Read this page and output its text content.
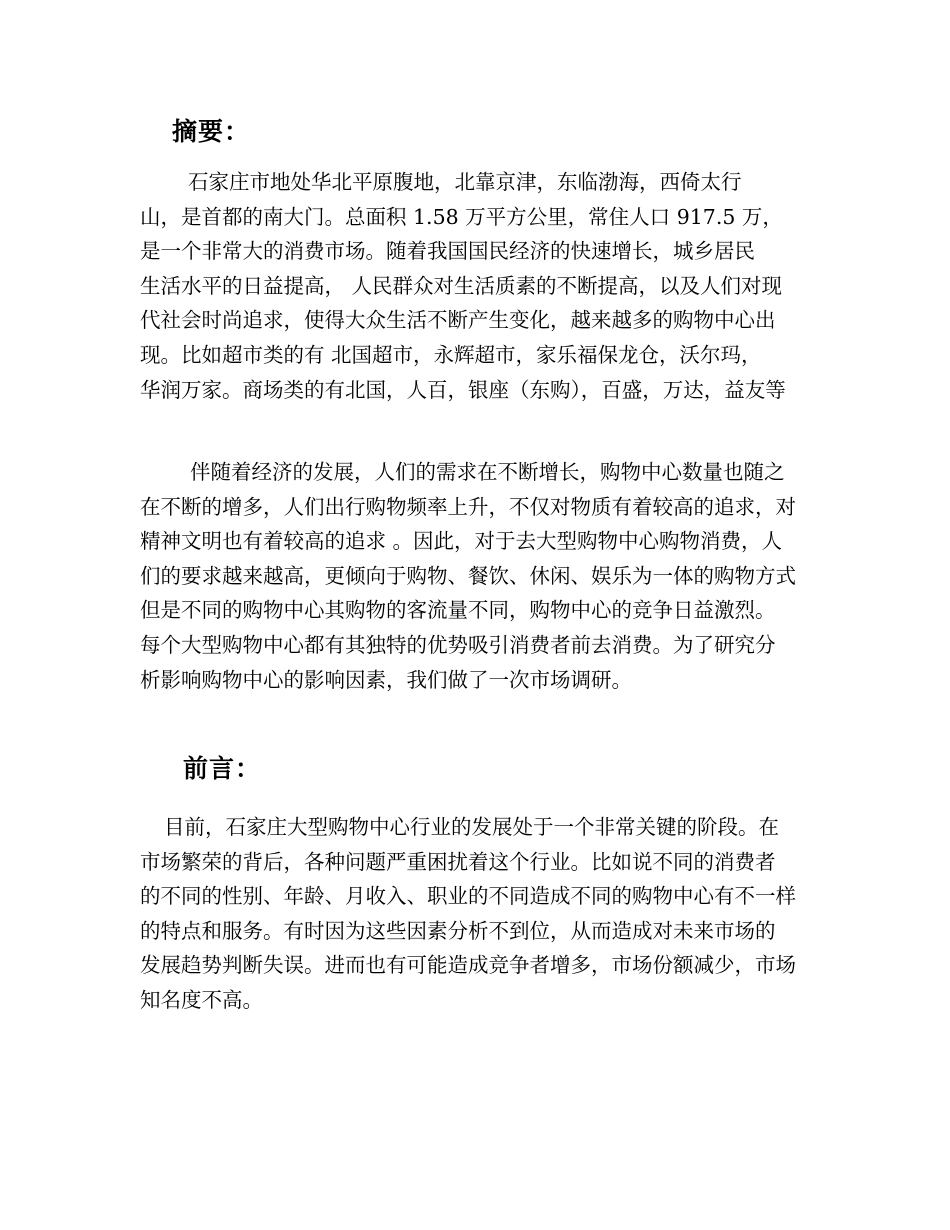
摘要：
石家庄市地处华北平原腹地，北靠京津，东临渤海，西倚太行
山，是首都的南大门。总面积 1.58 万平方公里，常住人口 917.5 万，
是一个非常大的消费市场。随着我国国民经济的快速增长，城乡居民
生活水平的日益提高， 人民群众对生活质素的不断提高，以及人们对现
代社会时尚追求，使得大众生活不断产生变化，越来越多的购物中心出
现。比如超市类的有 北国超市，永辉超市，家乐福保龙仓，沃尔玛，
华润万家。商场类的有北国，人百，银座（东购），百盛，万达，益友等
伴随着经济的发展，人们的需求在不断增长，购物中心数量也随之
在不断的增多，人们出行购物频率上升，不仅对物质有着较高的追求，对
精神文明也有着较高的追求 。因此，对于去大型购物中心购物消费，人
们的要求越来越高，更倾向于购物、餐饮、休闲、娱乐为一体的购物方式
但是不同的购物中心其购物的客流量不同，购物中心的竞争日益激烈。
每个大型购物中心都有其独特的优势吸引消费者前去消费。为了研究分
析影响购物中心的影响因素，我们做了一次市场调研。
前言：
目前，石家庄大型购物中心行业的发展处于一个非常关键的阶段。在
市场繁荣的背后，各种问题严重困扰着这个行业。比如说不同的消费者
的不同的性别、年龄、月收入、职业的不同造成不同的购物中心有不一样
的特点和服务。有时因为这些因素分析不到位，从而造成对未来市场的
发展趋势判断失误。进而也有可能造成竞争者增多，市场份额减少，市场
知名度不高。
